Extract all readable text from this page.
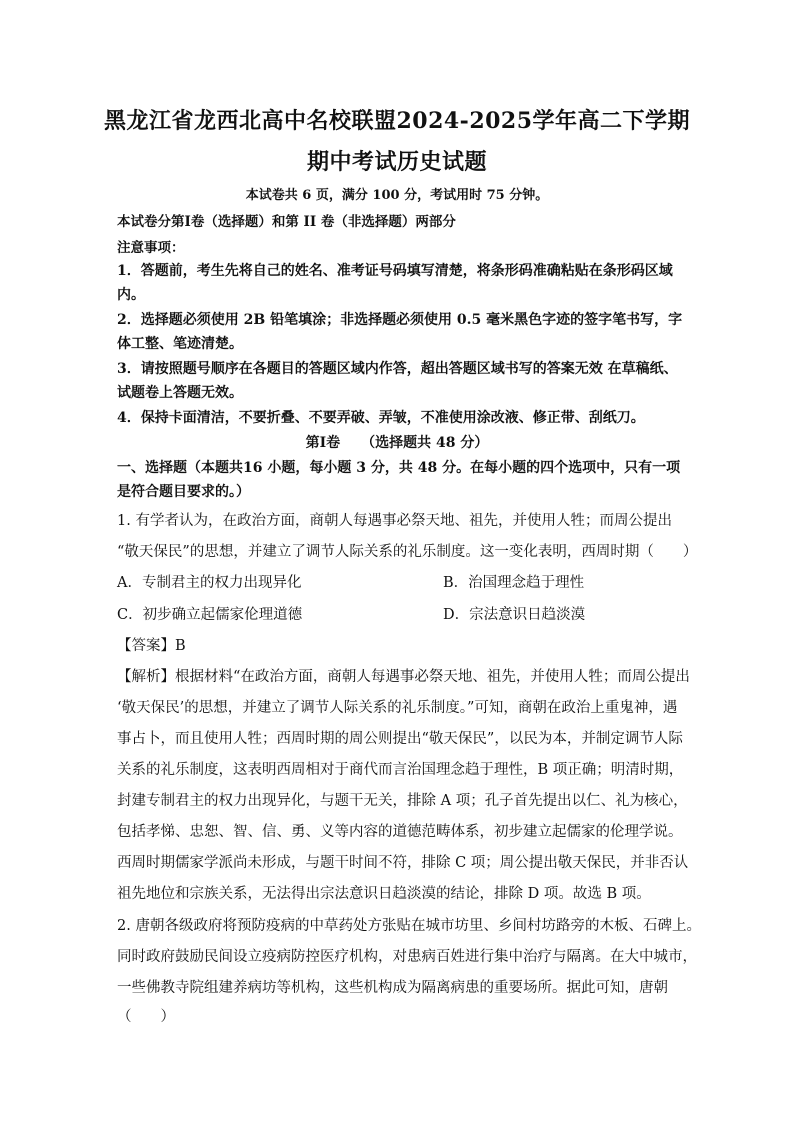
黑龙江省龙西北高中名校联盟2024-2025学年高二下学期
期中考试历史试题
本试卷共 6 页，满分 100 分，考试用时 75 分钟。
本试卷分第Ⅰ卷（选择题）和第 II 卷（非选择题）两部分
注意事项：
1．答题前，考生先将自己的姓名、准考证号码填写清楚，将条形码准确粘贴在条形码区域
内。
2．选择题必须使用 2B 铅笔填涂；非选择题必须使用 0.5 毫米黑色字迹的签字笔书写，字
体工整、笔迹清楚。
3．请按照题号顺序在各题目的答题区域内作答，超出答题区域书写的答案无效 在草稿纸、
试题卷上答题无效。
4．保持卡面清洁，不要折叠、不要弄破、弄皱，不准使用涂改液、修正带、刮纸刀。
第Ⅰ卷　　（选择题共 48 分）
一、选择题（本题共16 小题，每小题 3 分，共 48 分。在每小题的四个选项中，只有一项
是符合题目要求的。）
1. 有学者认为，在政治方面，商朝人每遇事必祭天地、祖先，并使用人牲；而周公提出
“敬天保民”的思想，并建立了调节人际关系的礼乐制度。这一变化表明，西周时期（　　）
A．专制君主的权力出现异化	B．治国理念趋于理性
C．初步确立起儒家伦理道德	D．宗法意识日趋淡漠
【答案】B
【解析】根据材料“在政治方面，商朝人每遇事必祭天地、祖先，并使用人牲；而周公提出
‘敬天保民’的思想，并建立了调节人际关系的礼乐制度。”可知，商朝在政治上重鬼神，遇
事占卜，而且使用人牲；西周时期的周公则提出“敬天保民”，以民为本，并制定调节人际
关系的礼乐制度，这表明西周相对于商代而言治国理念趋于理性，B 项正确；明清时期，
封建专制君主的权力出现异化，与题干无关，排除 A 项；孔子首先提出以仁、礼为核心，
包括孝悌、忠恕、智、信、勇、义等内容的道德范畴体系，初步建立起儒家的伦理学说。
西周时期儒家学派尚未形成，与题干时间不符，排除 C 项；周公提出敬天保民，并非否认
祖先地位和宗族关系，无法得出宗法意识日趋淡漠的结论，排除 D 项。故选 B 项。
2. 唐朝各级政府将预防疫病的中草药处方张贴在城市坊里、乡间村坊路旁的木板、石碑上。
同时政府鼓励民间设立疫病防控医疗机构，对患病百姓进行集中治疗与隔离。在大中城市，
一些佛教寺院组建养病坊等机构，这些机构成为隔离病患的重要场所。据此可知，唐朝
（　　）
